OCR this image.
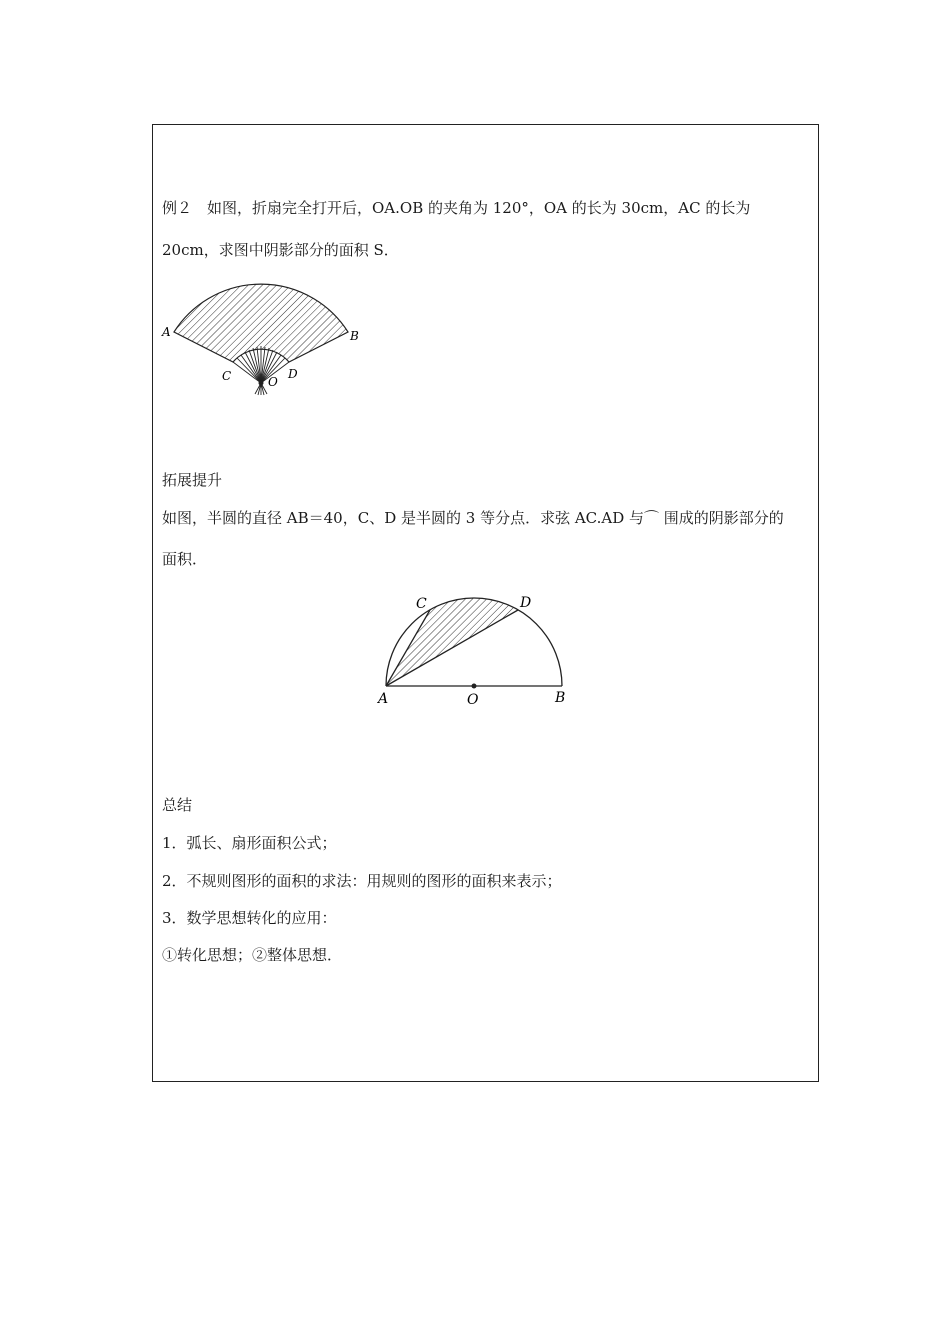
例２　如图，折扇完全打开后，OA.OB 的夹角为 120°，OA 的长为 30cm，AC 的长为
20cm，求图中阴影部分的面积 S．
A	B
C	D
O
拓展提升
如图，半圆的直径 AB＝40，C、D 是半圆的 3 等分点．求弦 AC.AD 与⌒ 围成的阴影部分的
面积．
A	B
C	D
O
总结
1．弧长、扇形面积公式；
2．不规则图形的面积的求法：用规则的图形的面积来表示；
3．数学思想转化的应用：
①转化思想；②整体思想．
